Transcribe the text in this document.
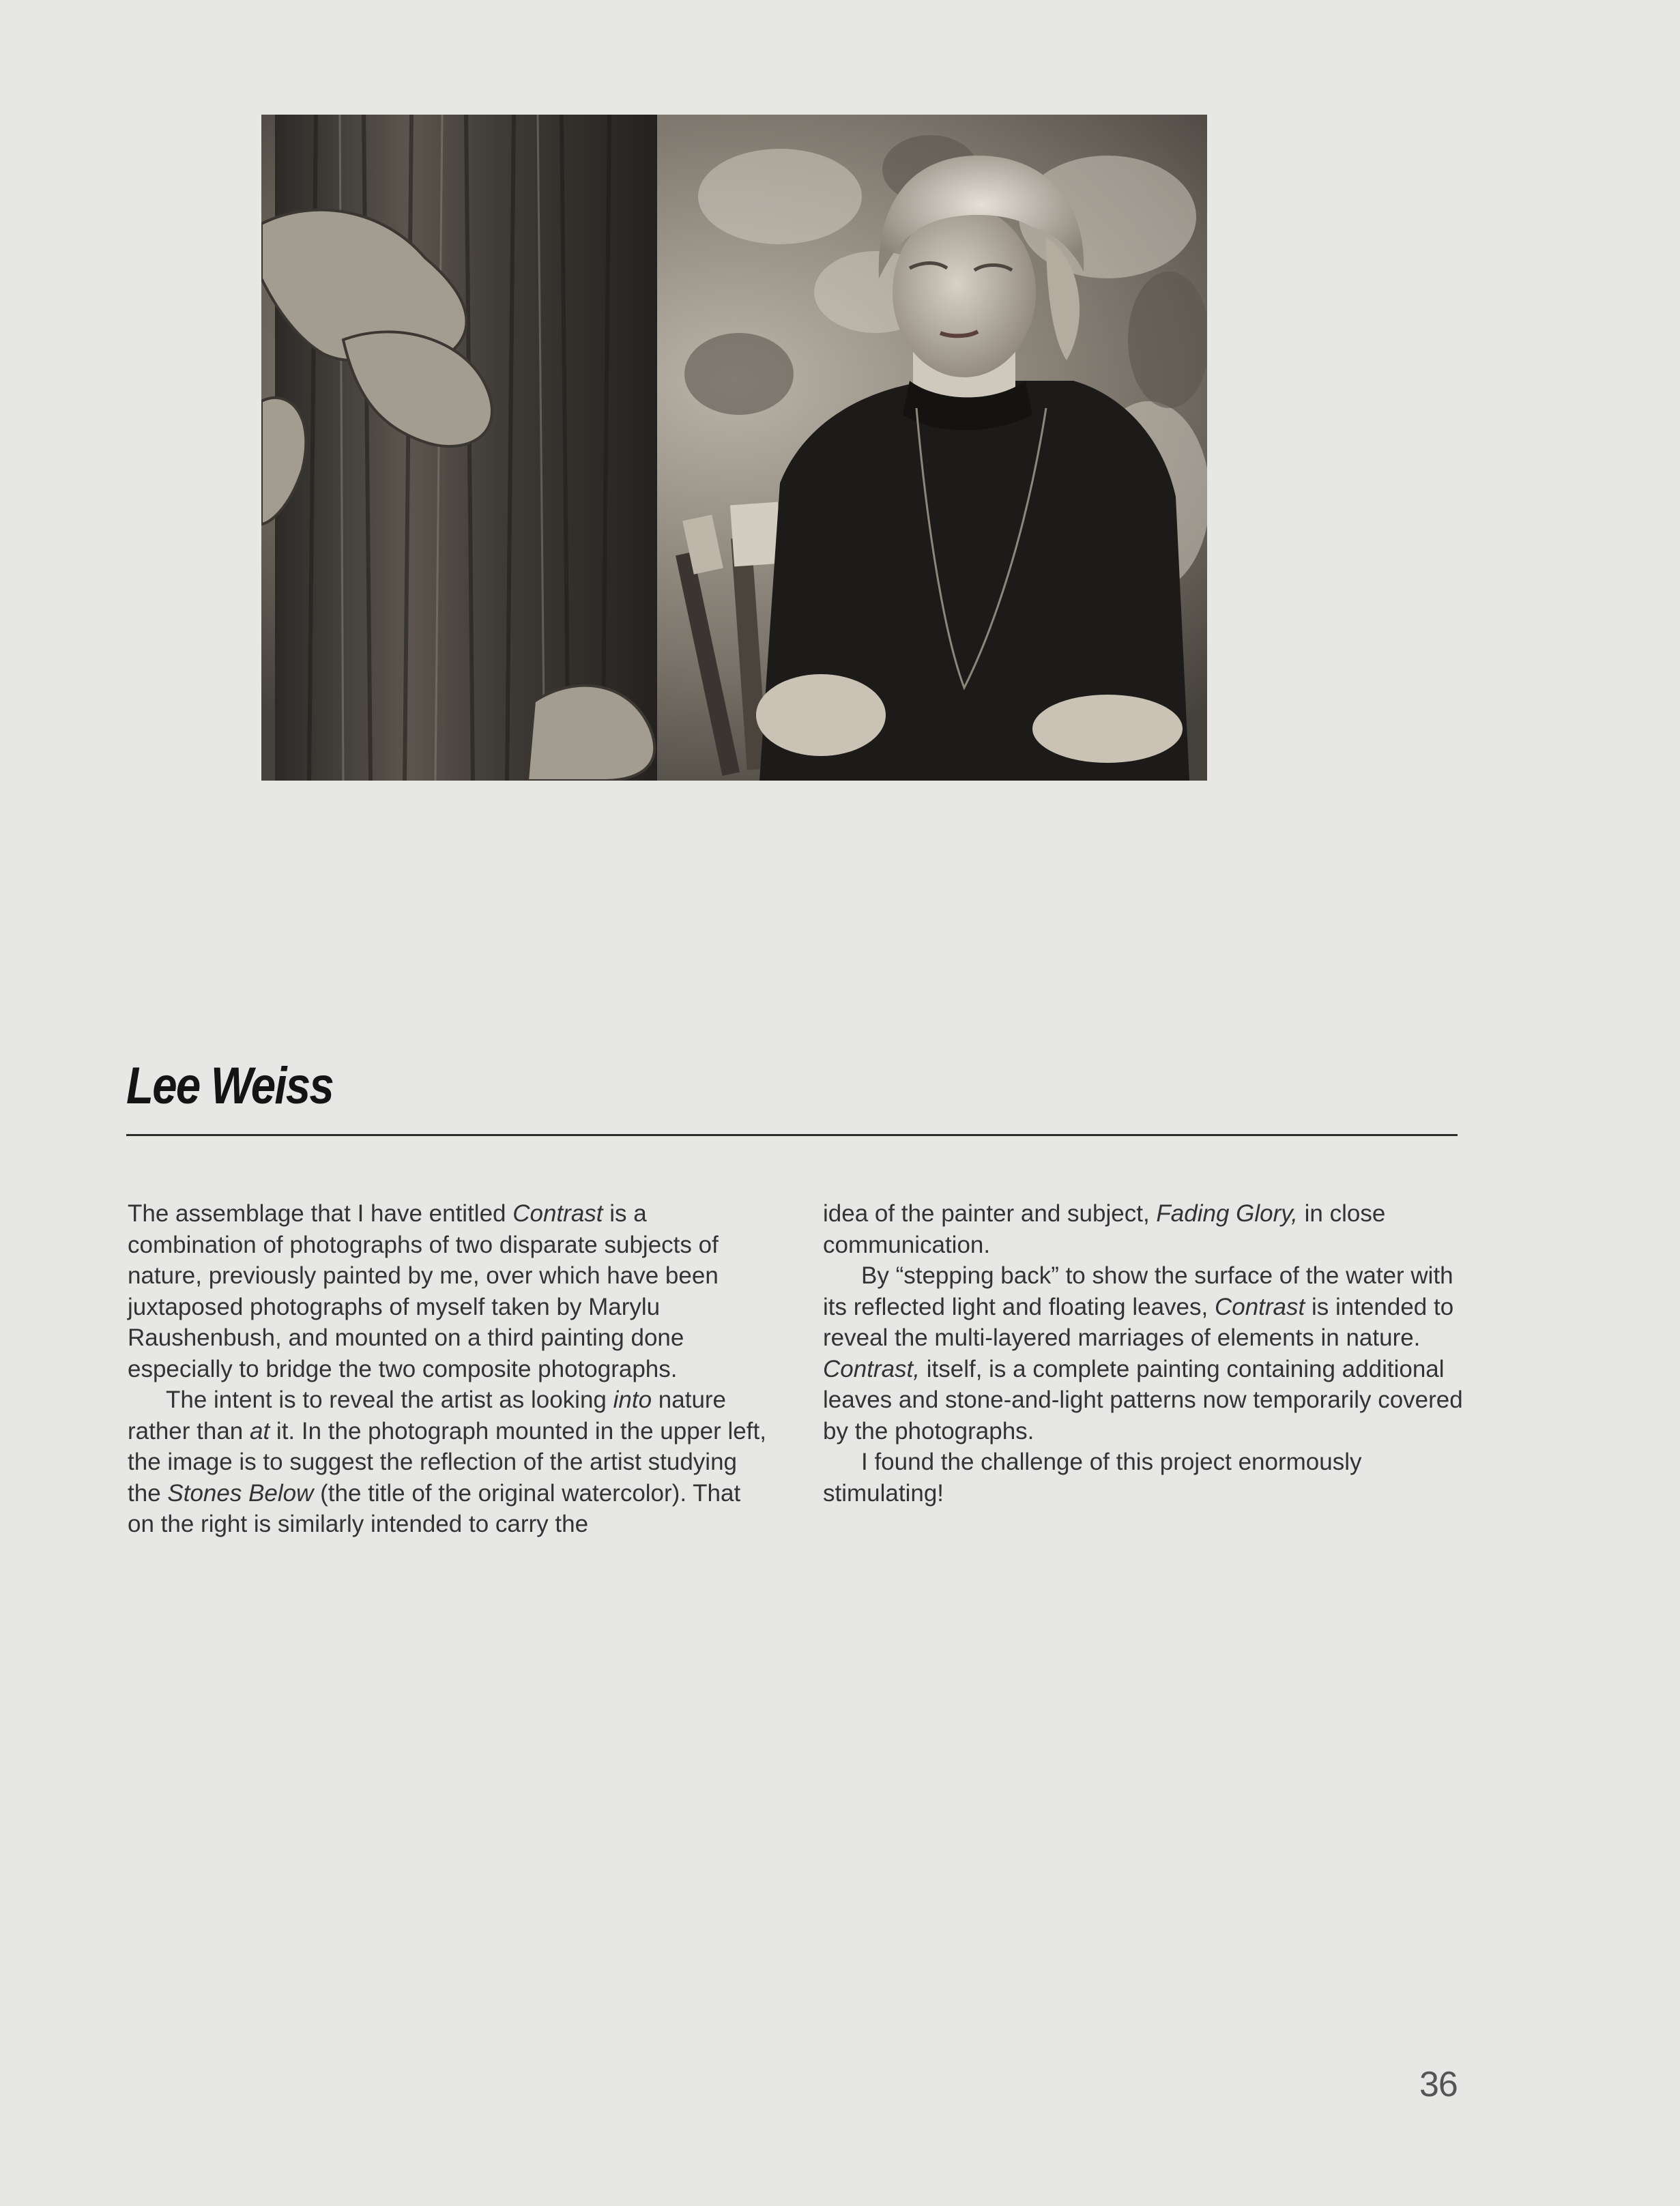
Lee Weiss

The assemblage that I have entitled Contrast is a combination of photographs of two disparate subjects of nature, previously painted by me, over which have been juxtaposed photographs of myself taken by Marylu Raushenbush, and mounted on a third painting done especially to bridge the two composite photographs.

The intent is to reveal the artist as looking into nature rather than at it. In the photograph mounted in the upper left, the image is to suggest the reflection of the artist studying the Stones Below (the title of the original watercolor). That on the right is similarly intended to carry the

idea of the painter and subject, Fading Glory, in close communication.

By “stepping back” to show the surface of the water with its reflected light and floating leaves, Contrast is intended to reveal the multi-layered marriages of elements in nature. Contrast, itself, is a complete painting containing additional leaves and stone-and-light patterns now temporarily covered by the photographs.

I found the challenge of this project enormously stimulating!

36
